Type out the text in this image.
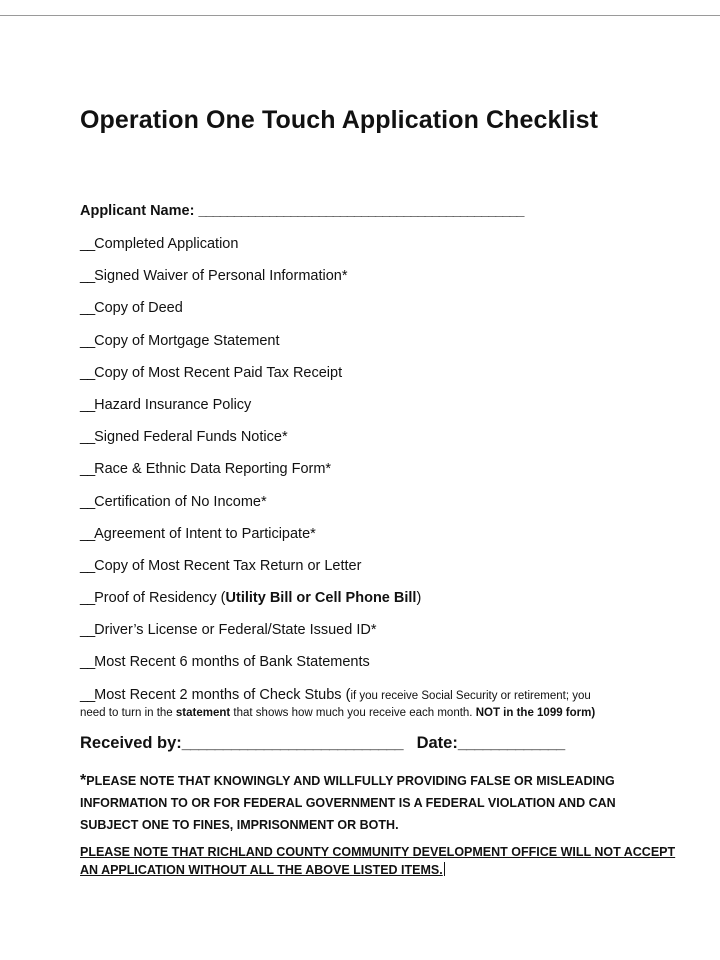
Operation One Touch Application Checklist
Applicant Name: ______________________________________________
__Completed Application
__Signed Waiver of Personal Information*
__Copy of Deed
__Copy of Mortgage Statement
__Copy of Most Recent Paid Tax Receipt
__Hazard Insurance Policy
__Signed Federal Funds Notice*
__Race & Ethnic Data Reporting Form*
__Certification of No Income*
__Agreement of Intent to Participate*
__Copy of Most Recent Tax Return or Letter
__Proof of Residency (Utility Bill or Cell Phone Bill)
__Driver’s License or Federal/State Issued ID*
__Most Recent 6 months of Bank Statements
__Most Recent 2 months of Check Stubs (if you receive Social Security or retirement; you
need to turn in the statement that shows how much you receive each month. NOT in the 1099 form)
Received by:___________________________ Date:_____________

*PLEASE NOTE THAT KNOWINGLY AND WILLFULLY PROVIDING FALSE OR MISLEADING INFORMATION TO OR FOR FEDERAL GOVERNMENT IS A FEDERAL VIOLATION AND CAN SUBJECT ONE TO FINES, IMPRISONMENT OR BOTH.

PLEASE NOTE THAT RICHLAND COUNTY COMMUNITY DEVELOPMENT OFFICE WILL NOT ACCEPT AN APPLICATION WITHOUT ALL THE ABOVE LISTED ITEMS.
